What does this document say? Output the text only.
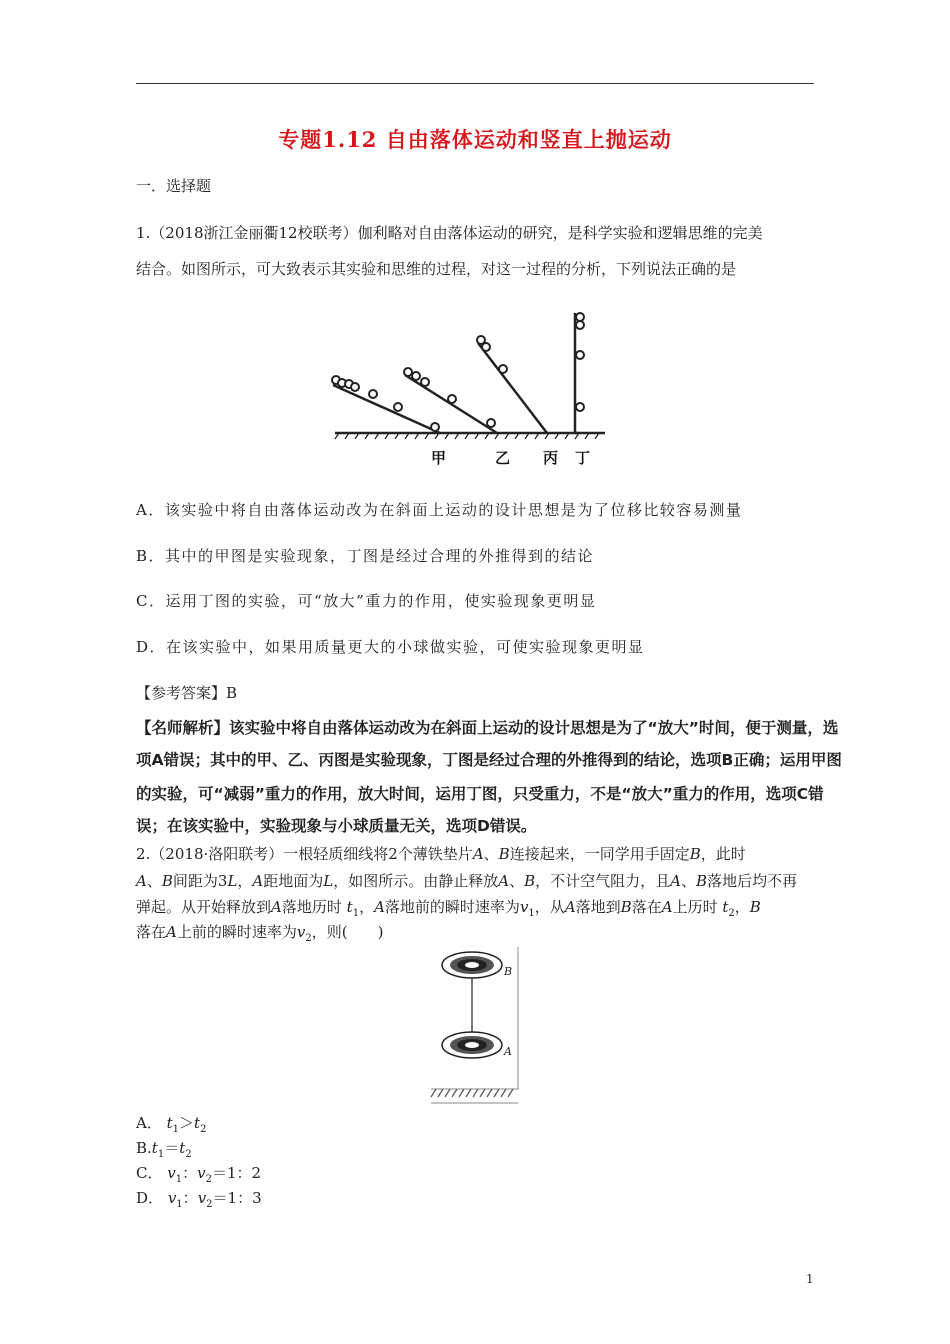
专题1.12 自由落体运动和竖直上抛运动
一．选择题
1.（2018浙江金丽衢12校联考）伽利略对自由落体运动的研究，是科学实验和逻辑思维的完美
结合。如图所示，可大致表示其实验和思维的过程，对这一过程的分析，下列说法正确的是
甲	乙 丙 丁
A．该实验中将自由落体运动改为在斜面上运动的设计思想是为了位移比较容易测量
B．其中的甲图是实验现象，丁图是经过合理的外推得到的结论
C．运用丁图的实验，可“放大”重力的作用，使实验现象更明显
D．在该实验中，如果用质量更大的小球做实验，可使实验现象更明显
【参考答案】B
【名师解析】该实验中将自由落体运动改为在斜面上运动的设计思想是为了“放大”时间，便于测量，选
项A错误；其中的甲、乙、丙图是实验现象，丁图是经过合理的外推得到的结论，选项B正确；运用甲图
的实验，可“减弱”重力的作用，放大时间，运用丁图，只受重力，不是“放大”重力的作用，选项C错
误；在该实验中，实验现象与小球质量无关，选项D错误。
2.（2018·洛阳联考）一根轻质细线将2个薄铁垫片A、B连接起来，一同学用手固定B，此时
A、B间距为3L，A距地面为L，如图所示。由静止释放A、B，不计空气阻力，且A、B落地后均不再
弹起。从开始释放到A落地历时 $t_1$，A落地前的瞬时速率为$v_1$，从A落地到B落在A上历时 $t_2$，B
落在A上前的瞬时速率为$v_2$，则(　　)
B
A
A． $t_1>t_2$
$B.t_1=t_2$
C． $v_1$：$v_2=1$：2
D． $v_1$：$v_2=1$：3
1
